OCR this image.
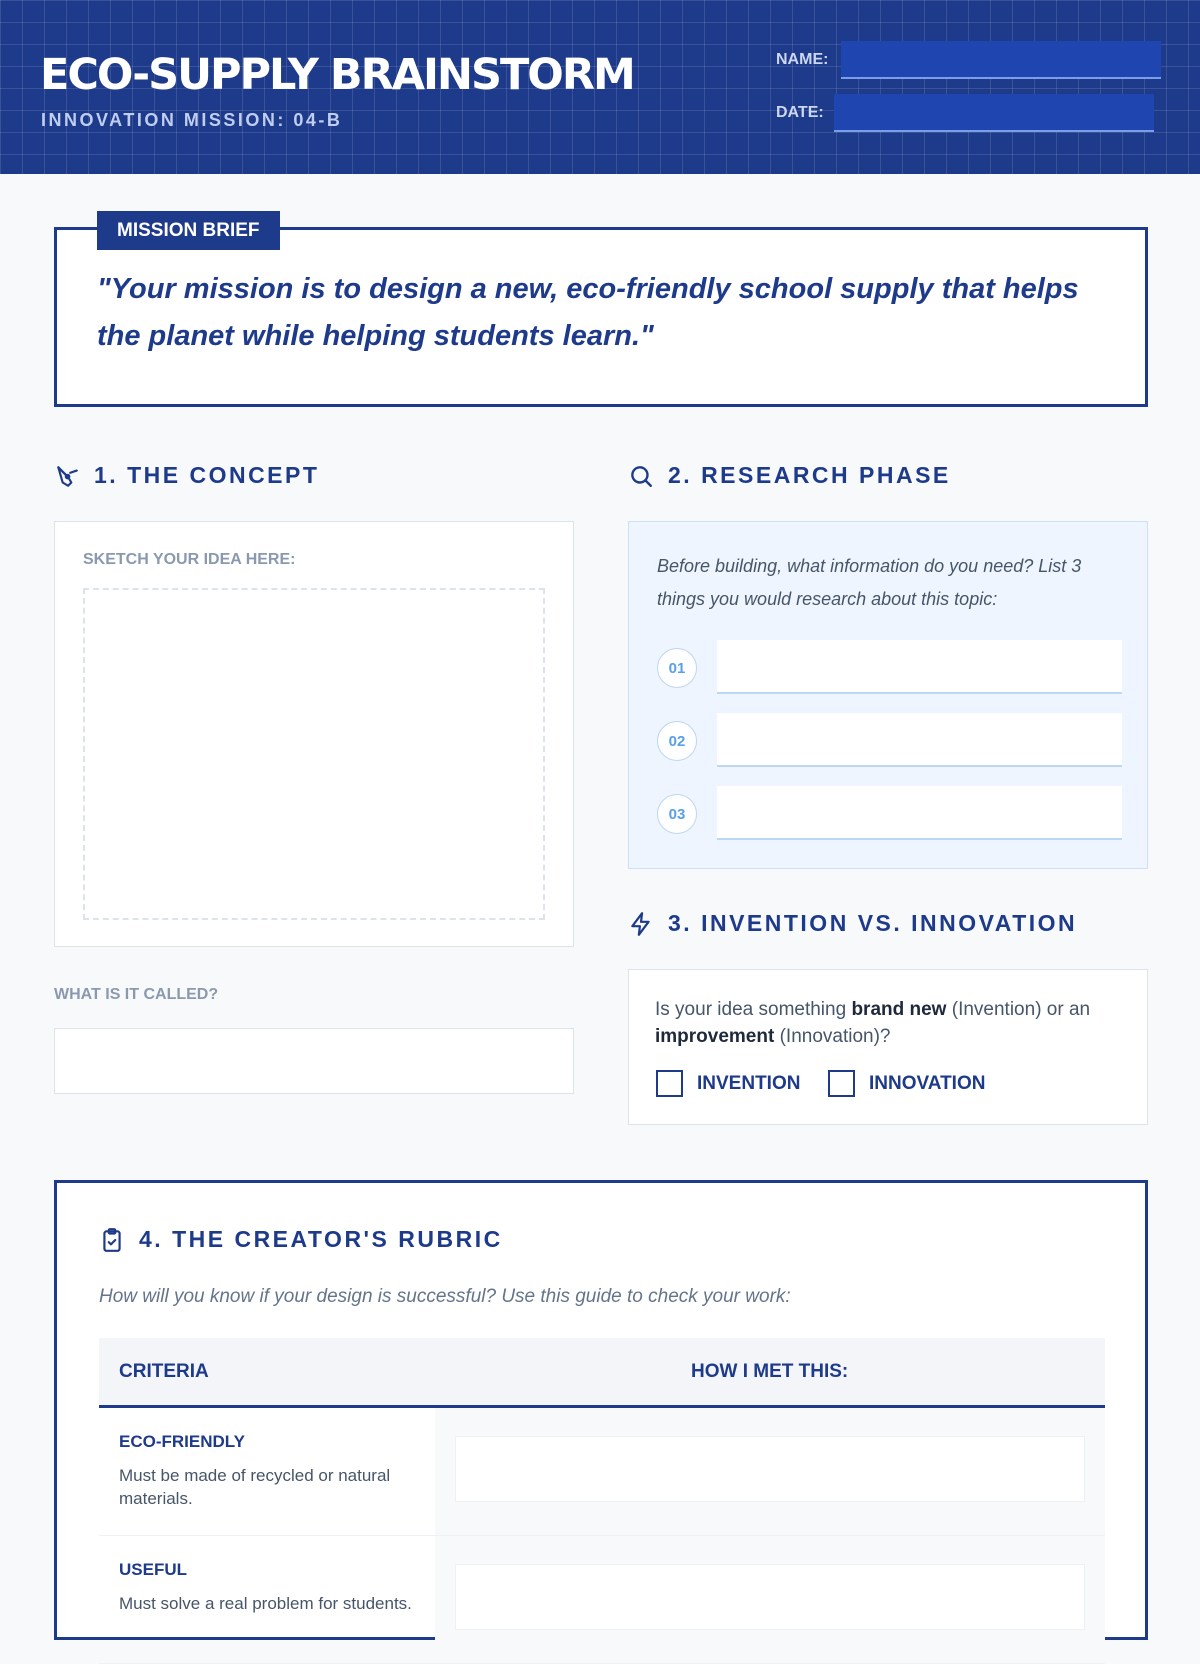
ECO-SUPPLY BRAINSTORM
INNOVATION MISSION: 04-B
NAME:
DATE:
"Your mission is to design a new, eco-friendly school supply that helps the planet while helping students learn."
MISSION BRIEF
1. THE CONCEPT
SKETCH YOUR IDEA HERE:
WHAT IS IT CALLED?
2. RESEARCH PHASE
Before building, what information do you need? List 3 things you would research about this topic:
01
02
03
3. INVENTION VS. INNOVATION
Is your idea something brand new (Invention) or an improvement (Innovation)?
INVENTION	INNOVATION
4. THE CREATOR'S RUBRIC
How will you know if your design is successful? Use this guide to check your work:
CRITERIA	HOW I MET THIS:
ECO-FRIENDLY
Must be made of recycled or natural materials.
USEFUL
Must solve a real problem for students.
